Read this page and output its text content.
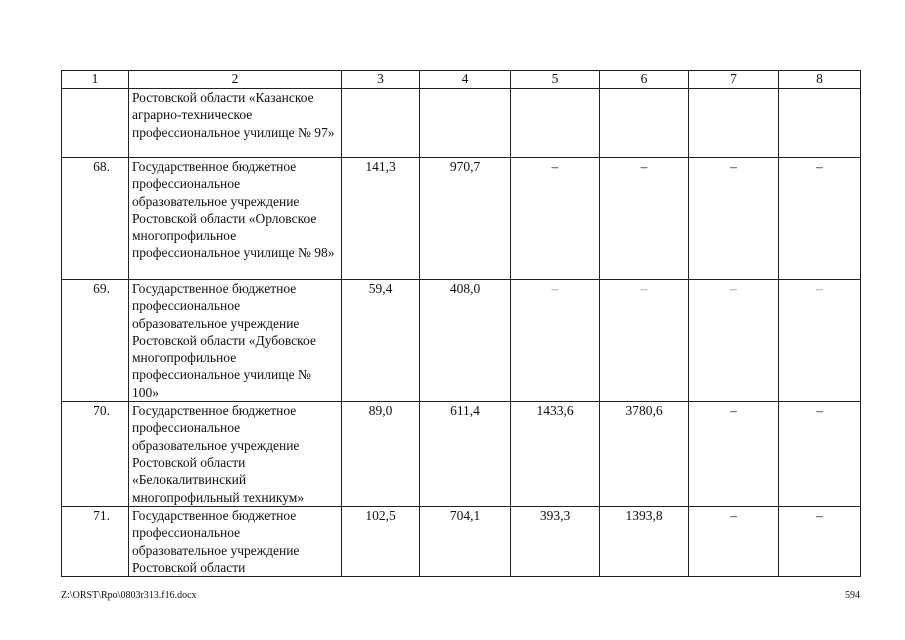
1	2	3	4	5	6	7	8
	Ростовской области «Казанское аграрно-техническое профессиональное училище № 97»						
68.	Государственное бюджетное профессиональное образовательное учреждение Ростовской области «Орловское многопрофильное профессиональное училище № 98»	141,3	970,7	–	–	–	–
69.	Государственное бюджетное профессиональное образовательное учреждение Ростовской области «Дубовское многопрофильное профессиональное училище № 100»	59,4	408,0	–	–	–	–
70.	Государственное бюджетное профессиональное образовательное учреждение Ростовской области «Белокалитвинский многопрофильный техникум»	89,0	611,4	1433,6	3780,6	–	–
71.	Государственное бюджетное профессиональное образовательное учреждение Ростовской области	102,5	704,1	393,3	1393,8	–	–
Z:\ORST\Rpo\0803r313.f16.docx	594
